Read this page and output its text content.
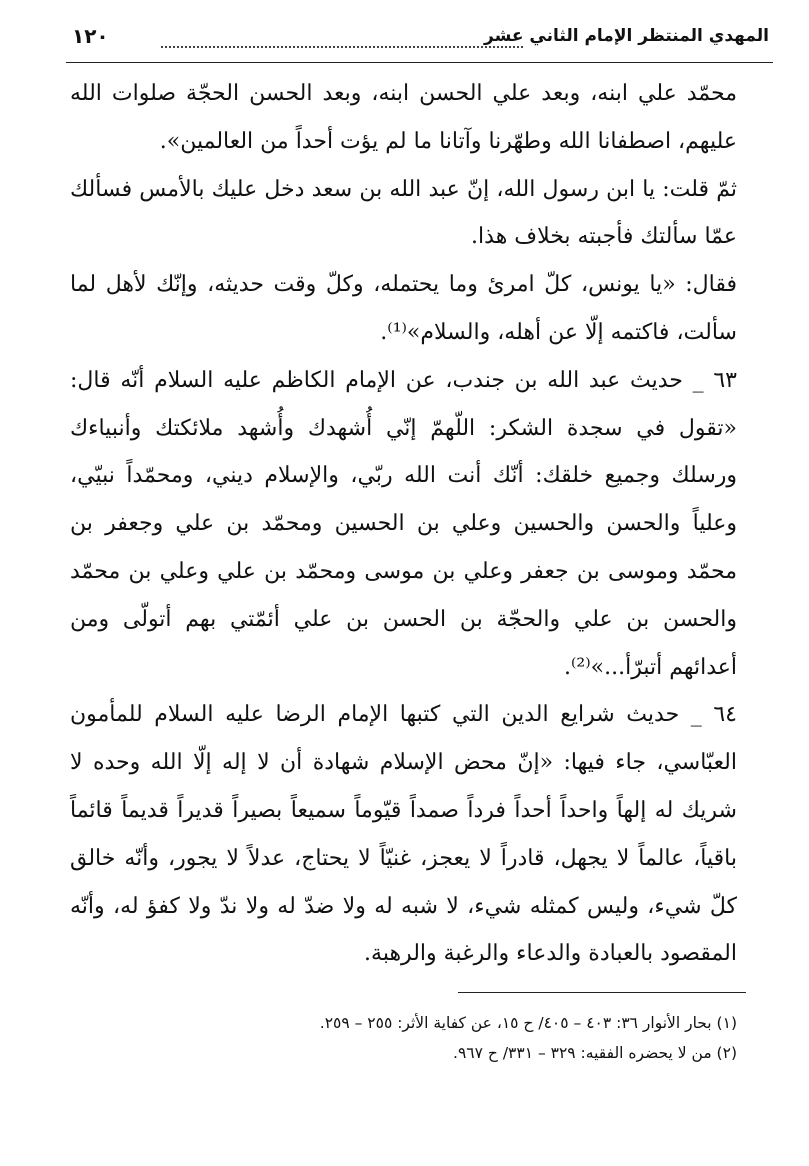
المهدي المنتظر الإمام الثاني عشر
١٢٠

محمّد علي ابنه، وبعد علي الحسن ابنه، وبعد الحسن الحجّة صلوات الله عليهم، اصطفانا الله وطهّرنا وآتانا ما لم يؤت أحداً من العالمين».

ثمّ قلت: يا ابن رسول الله، إنّ عبد الله بن سعد دخل عليك بالأمس فسألك عمّا سألتك فأجبته بخلاف هذا.

فقال: «يا يونس، كلّ امرئ وما يحتمله، وكلّ وقت حديثه، وإنّك لأهل لما سألت، فاكتمه إلّا عن أهله، والسلام»⁽¹⁾.

٦٣ _ حديث عبد الله بن جندب، عن الإمام الكاظم عليه السلام أنّه قال: «تقول في سجدة الشكر: اللّهمّ إنّي أُشهدك وأُشهد ملائكتك وأنبياءك ورسلك وجميع خلقك: أنّك أنت الله ربّي، والإسلام ديني، ومحمّداً نبيّي، وعلياً والحسن والحسين وعلي بن الحسين ومحمّد بن علي وجعفر بن محمّد وموسى بن جعفر وعلي بن موسى ومحمّد بن علي وعلي بن محمّد والحسن بن علي والحجّة بن الحسن بن علي أئمّتي بهم أتولّى ومن أعدائهم أتبرّأ...»⁽²⁾.

٦٤ _ حديث شرايع الدين التي كتبها الإمام الرضا عليه السلام للمأمون العبّاسي، جاء فيها: «إنّ محض الإسلام شهادة أن لا إله إلّا الله وحده لا شريك له إلهاً واحداً أحداً فرداً صمداً قيّوماً سميعاً بصيراً قديراً قديماً قائماً باقياً، عالماً لا يجهل، قادراً لا يعجز، غنيّاً لا يحتاج، عدلاً لا يجور، وأنّه خالق كلّ شيء، وليس كمثله شيء، لا شبه له ولا ضدّ له ولا ندّ ولا كفؤ له، وأنّه المقصود بالعبادة والدعاء والرغبة والرهبة.

(١) بحار الأنوار ٣٦: ٤٠٣ – ٤٠٥/ ح ١٥، عن كفاية الأثر: ٢٥٥ – ٢٥٩.

(٢) من لا يحضره الفقيه: ٣٢٩ – ٣٣١/ ح ٩٦٧.
